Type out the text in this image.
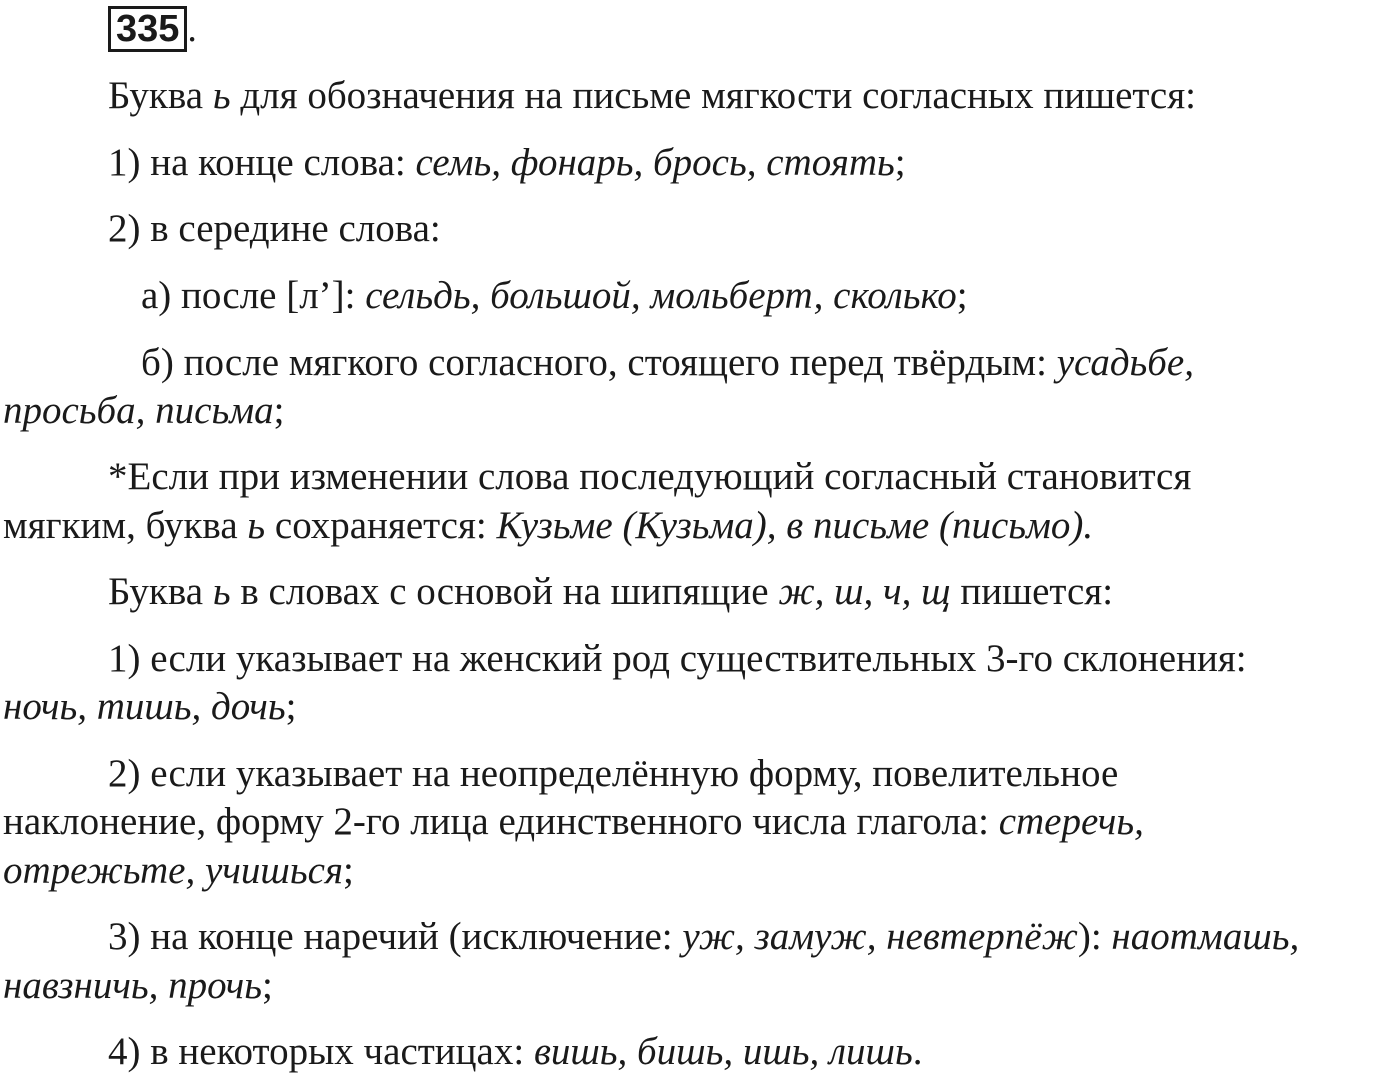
335 .
Буква ь для обозначения на письме мягкости согласных пишется:
1) на конце слова: семь, фонарь, брось, стоять;
2) в середине слова:
а) после [л’]: сельдь, большой, мольберт, сколько;
б) после мягкого согласного, стоящего перед твёрдым: усадьбе,
просьба, письма;
*Если при изменении слова последующий согласный становится
мягким, буква ь сохраняется: Кузьме (Кузьма), в письме (письмо).
Буква ь в словах с основой на шипящие ж, ш, ч, щ пишется:
1) если указывает на женский род существительных 3-го склонения:
ночь, тишь, дочь;
2) если указывает на неопределённую форму, повелительное
наклонение, форму 2-го лица единственного числа глагола: стеречь,
отрежьте, учишься;
3) на конце наречий (исключение: уж, замуж, невтерпёж): наотмашь,
навзничь, прочь;
4) в некоторых частицах: вишь, бишь, ишь, лишь.
